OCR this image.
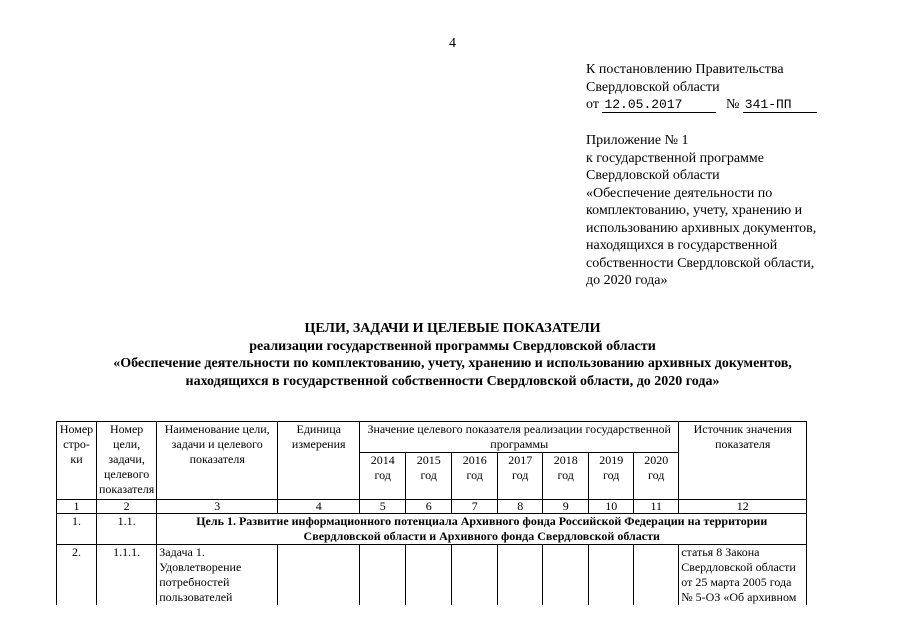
4
К постановлению Правительства
Свердловской области
от 12.05.2017	№ 341-ПП
Приложение № 1
к государственной программе
Свердловской области
«Обеспечение деятельности по
комплектованию, учету, хранению и
использованию архивных документов,
находящихся в государственной
собственности Свердловской области,
до 2020 года»
ЦЕЛИ, ЗАДАЧИ И ЦЕЛЕВЫЕ ПОКАЗАТЕЛИ
реализации государственной программы Свердловской области
«Обеспечение деятельности по комплектованию, учету, хранению и использованию архивных документов,
находящихся в государственной собственности Свердловской области, до 2020 года»
Номер стро- ки	Номер цели, задачи, целевого показателя	Наименование цели, задачи и целевого показателя	Единица измерения	Значение целевого показателя реализации государственной программы							Источник значения показателя
				2014 год	2015 год	2016 год	2017 год	2018 год	2019 год	2020 год	
1	2	3	4	5	6	7	8	9	10	11	12
1.	1.1.	Цель 1. Развитие информационного потенциала Архивного фонда Российской Федерации на территории Свердловской области и Архивного фонда Свердловской области									
2.	1.1.1.	Задача 1. Удовлетворение потребностей пользователей									статья 8 Закона Свердловской области от 25 марта 2005 года № 5-ОЗ «Об архивном
